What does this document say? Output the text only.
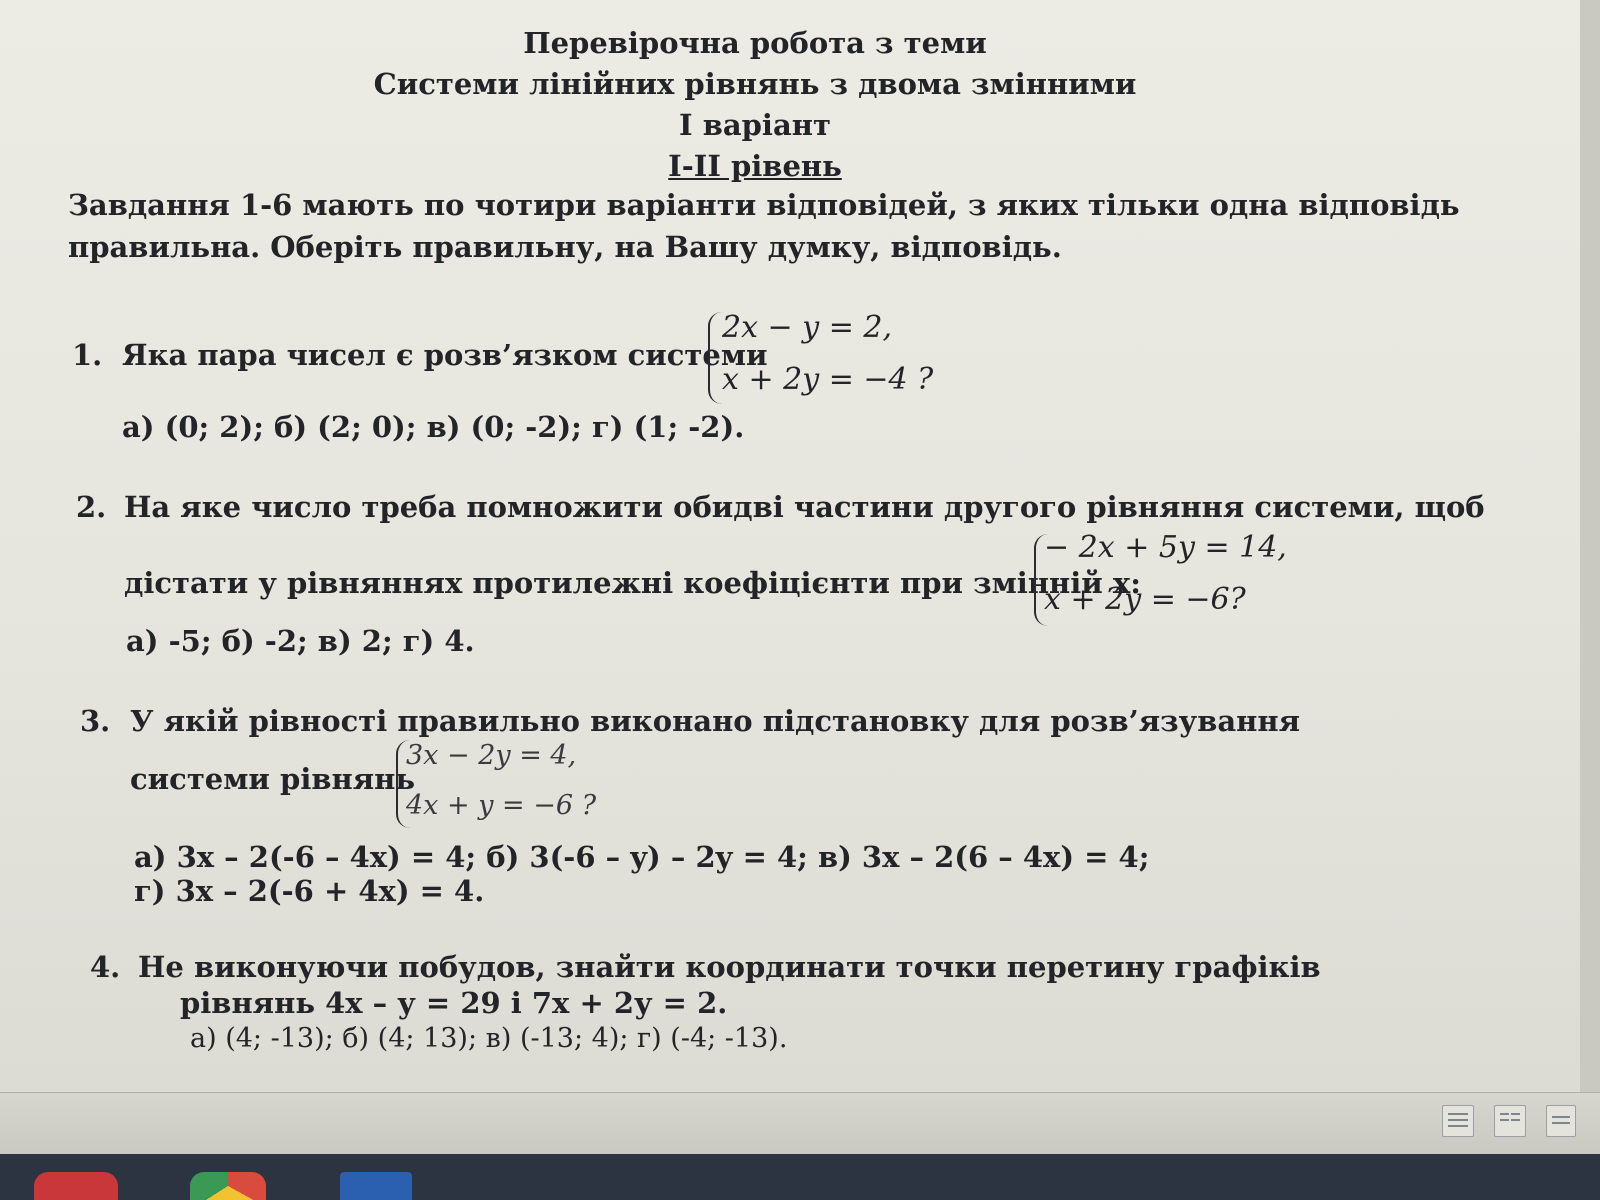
Перевірочна робота з теми
Системи лінійних рівнянь з двома змінними
І варіант
I-II рівень
Завдання 1-6 мають по чотири варіанти відповідей, з яких тільки одна відповідь
правильна. Оберіть правильну, на Вашу думку, відповідь.
1. Яка пара чисел є розв’язком системи
2x − y = 2,
x + 2y = −4 ?
а) (0; 2); б) (2; 0); в) (0; -2); г) (1; -2).
2. На яке число треба помножити обидві частини другого рівняння системи, щоб
дістати у рівняннях протилежні коефіцієнти при змінній х:
− 2x + 5y = 14,
x + 2y = −6?
а) -5; б) -2; в) 2; г) 4.
3. У якій рівності правильно виконано підстановку для розв’язування
системи рівнянь
3x − 2y = 4,
4x + y = −6 ?
а) 3x – 2(-6 – 4x) = 4; б) 3(-6 – y) – 2y = 4; в) 3x – 2(6 – 4x) = 4;
г) 3x – 2(-6 + 4x) = 4.
4. Не виконуючи побудов, знайти координати точки перетину графіків
рівнянь 4х – у = 29 і 7х + 2у = 2.
а) (4; -13); б) (4; 13); в) (-13; 4); г) (-4; -13).
